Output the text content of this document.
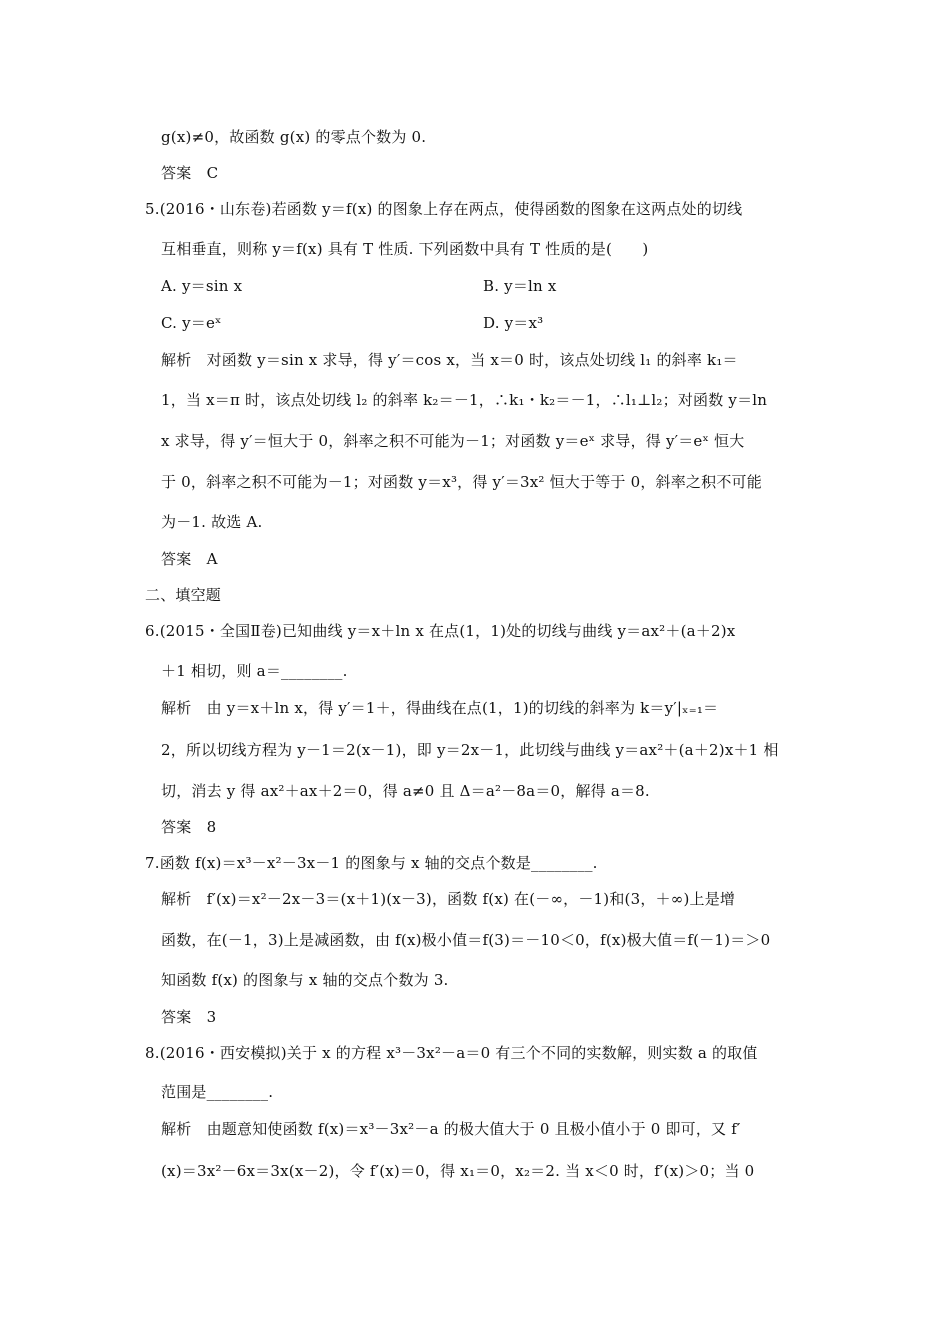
g(x)≠0，故函数 g(x) 的零点个数为 0.
答案　C
5.(2016・山东卷)若函数 y＝f(x) 的图象上存在两点，使得函数的图象在这两点处的切线
互相垂直，则称 y＝f(x) 具有 T 性质. 下列函数中具有 T 性质的是(　　)
A. y＝sin x	B. y＝ln x
C. y＝eˣ	D. y＝x³
解析　对函数 y＝sin x 求导，得 y′＝cos x，当 x＝0 时，该点处切线 l₁ 的斜率 k₁＝
1，当 x＝π 时，该点处切线 l₂ 的斜率 k₂＝－1，∴k₁・k₂＝－1，∴l₁⊥l₂；对函数 y＝ln
x 求导，得 y′＝恒大于 0，斜率之积不可能为－1；对函数 y＝eˣ 求导，得 y′＝eˣ 恒大
于 0，斜率之积不可能为－1；对函数 y＝x³，得 y′＝3x² 恒大于等于 0，斜率之积不可能
为－1. 故选 A.
答案　A
二、填空题
6.(2015・全国Ⅱ卷)已知曲线 y＝x＋ln x 在点(1，1)处的切线与曲线 y＝ax²＋(a＋2)x
＋1 相切，则 a＝________.
解析　由 y＝x＋ln x，得 y′＝1＋，得曲线在点(1，1)的切线的斜率为 k＝y′|ₓ₌₁＝
2，所以切线方程为 y－1＝2(x－1)，即 y＝2x－1，此切线与曲线 y＝ax²＋(a＋2)x＋1 相
切，消去 y 得 ax²＋ax＋2＝0，得 a≠0 且 Δ＝a²－8a＝0，解得 a＝8.
答案　8
7.函数 f(x)＝x³－x²－3x－1 的图象与 x 轴的交点个数是________.
解析　f′(x)＝x²－2x－3＝(x＋1)(x－3)，函数 f(x) 在(－∞，－1)和(3，＋∞)上是增
函数，在(－1，3)上是减函数，由 f(x)极小值＝f(3)＝－10＜0，f(x)极大值＝f(－1)＝＞0
知函数 f(x) 的图象与 x 轴的交点个数为 3.
答案　3
8.(2016・西安模拟)关于 x 的方程 x³－3x²－a＝0 有三个不同的实数解，则实数 a 的取值
范围是________.
解析　由题意知使函数 f(x)＝x³－3x²－a 的极大值大于 0 且极小值小于 0 即可，又 f′
(x)＝3x²－6x＝3x(x－2)，令 f′(x)＝0，得 x₁＝0，x₂＝2. 当 x＜0 时，f′(x)＞0；当 0
